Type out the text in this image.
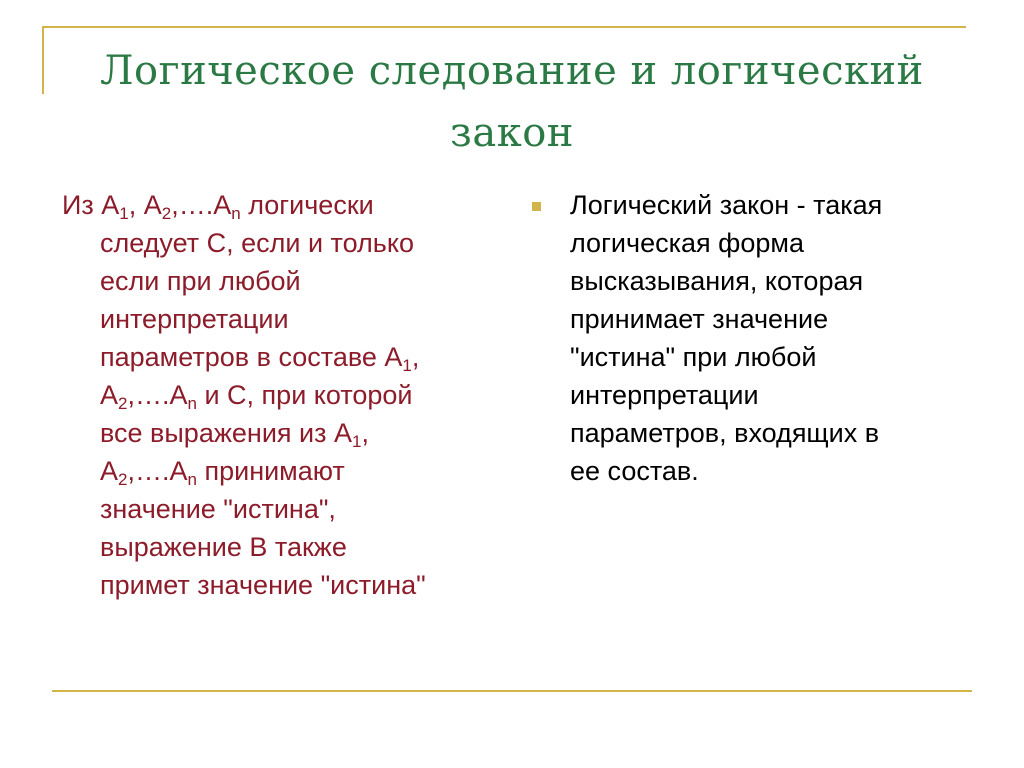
Логическое следование и логический
закон
Из $А_1$, $А_2,\dots.А_n$ логически
следует С, если и только
если при любой
интерпретации
параметров в составе $А_1$,
$А_2,\dots.А_n$ и С, при которой
все выражения из $А_1$,
$А_2,\dots.А_n$ принимают
значение "истина",
выражение В также
примет значение "истина"
Логический закон - такая
логическая форма
высказывания, которая
принимает значение
"истина" при любой
интерпретации
параметров, входящих в
ее состав.
